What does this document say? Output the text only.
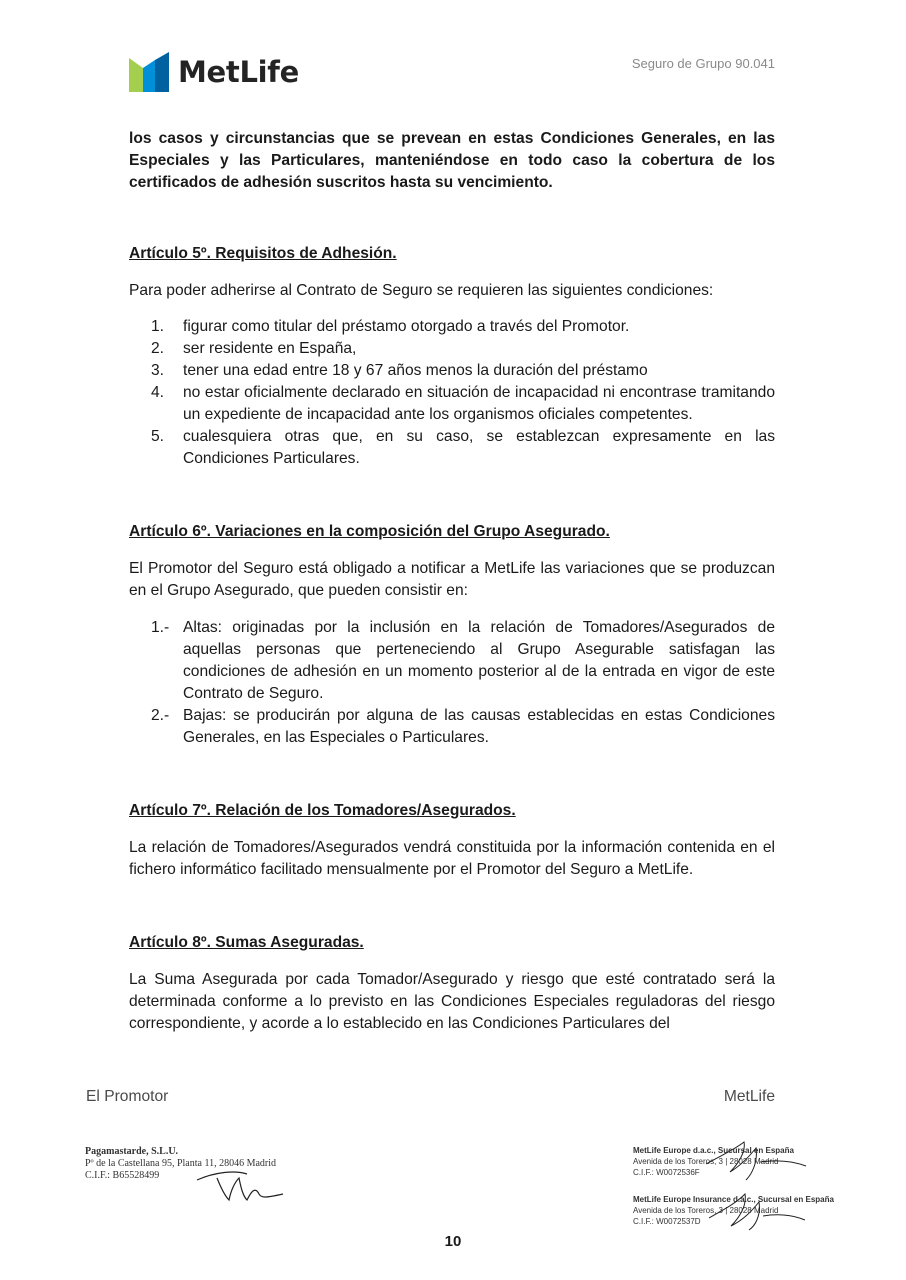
MetLife	Seguro de Grupo 90.041

los casos y circunstancias que se prevean en estas Condiciones Generales, en las Especiales y las Particulares, manteniéndose en todo caso la cobertura de los certificados de adhesión suscritos hasta su vencimiento.

Artículo 5º. Requisitos de Adhesión.

Para poder adherirse al Contrato de Seguro se requieren las siguientes condiciones:

1. figurar como titular del préstamo otorgado a través del Promotor.
2. ser residente en España,
3. tener una edad entre 18 y 67 años menos la duración del préstamo
4. no estar oficialmente declarado en situación de incapacidad ni encontrase tramitando un expediente de incapacidad ante los organismos oficiales competentes.
5. cualesquiera otras que, en su caso, se establezcan expresamente en las Condiciones Particulares.

Artículo 6º. Variaciones en la composición del Grupo Asegurado.

El Promotor del Seguro está obligado a notificar a MetLife las variaciones que se produzcan en el Grupo Asegurado, que pueden consistir en:

1.- Altas: originadas por la inclusión en la relación de Tomadores/Asegurados de aquellas personas que perteneciendo al Grupo Asegurable satisfagan las condiciones de adhesión en un momento posterior al de la entrada en vigor de este Contrato de Seguro.
2.- Bajas: se producirán por alguna de las causas establecidas en estas Condiciones Generales, en las Especiales o Particulares.

Artículo 7º. Relación de los Tomadores/Asegurados.

La relación de Tomadores/Asegurados vendrá constituida por la información contenida en el fichero informático facilitado mensualmente por el Promotor del Seguro a MetLife.

Artículo 8º. Sumas Aseguradas.

La Suma Asegurada por cada Tomador/Asegurado y riesgo que esté contratado será la determinada conforme a lo previsto en las Condiciones Especiales reguladoras del riesgo correspondiente, y acorde a lo establecido en las Condiciones Particulares del

El Promotor	MetLife
Pagamastarde, S.L.U.
Pº de la Castellana 95, Planta 11, 28046 Madrid
C.I.F.: B65528499
MetLife Europe d.a.c., Sucursal en España
Avenida de los Toreros, 3 | 28028 Madrid
C.I.F.: W0072536F
MetLife Europe Insurance d.a.c., Sucursal en España
Avenida de los Toreros, 3 | 28028 Madrid
C.I.F.: W0072537D
10
